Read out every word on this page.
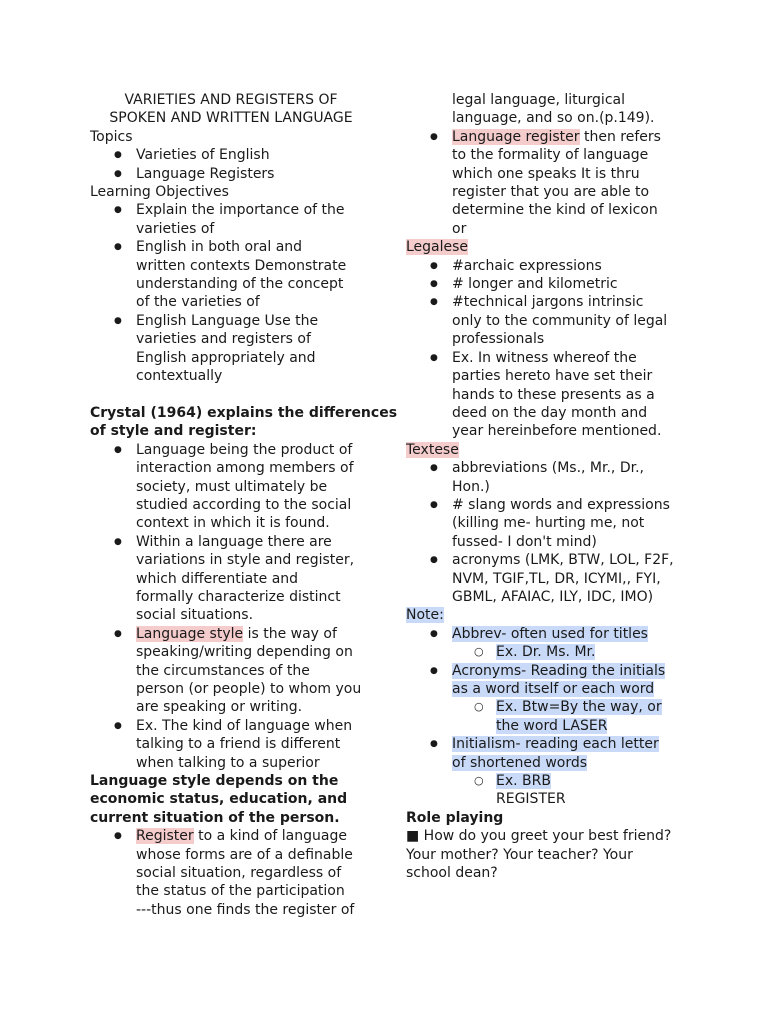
VARIETIES AND REGISTERS OF
SPOKEN AND WRITTEN LANGUAGE
Topics
● Varieties of English
● Language Registers
Learning Objectives
● Explain the importance of the
varieties of
● English in both oral and
written contexts Demonstrate
understanding of the concept
of the varieties of
● English Language Use the
varieties and registers of
English appropriately and
contextually
Crystal (1964) explains the differences
of style and register:
● Language being the product of
interaction among members of
society, must ultimately be
studied according to the social
context in which it is found.
● Within a language there are
variations in style and register,
which differentiate and
formally characterize distinct
social situations.
● Language style is the way of
speaking/writing depending on
the circumstances of the
person (or people) to whom you
are speaking or writing.
● Ex. The kind of language when
talking to a friend is different
when talking to a superior
Language style depends on the
economic status, education, and
current situation of the person.
● Register to a kind of language
whose forms are of a definable
social situation, regardless of
the status of the participation
---thus one finds the register of
legal language, liturgical
language, and so on.(p.149).
● Language register then refers
to the formality of language
which one speaks It is thru
register that you are able to
determine the kind of lexicon
or
Legalese
● #archaic expressions
● # longer and kilometric
● #technical jargons intrinsic
only to the community of legal
professionals
● Ex. In witness whereof the
parties hereto have set their
hands to these presents as a
deed on the day month and
year hereinbefore mentioned.
Textese
● abbreviations (Ms., Mr., Dr.,
Hon.)
● # slang words and expressions
(killing me- hurting me, not
fussed- I don't mind)
● acronyms (LMK, BTW, LOL, F2F,
NVM, TGIF,TL, DR, ICYMI,, FYI,
GBML, AFAIAC, ILY, IDC, IMO)
Note:
● Abbrev- often used for titles
○ Ex. Dr. Ms. Mr.
● Acronyms- Reading the initials
as a word itself or each word
○ Ex. Btw=By the way, or
the word LASER
● Initialism- reading each letter
of shortened words
○ Ex. BRB
REGISTER
Role playing
■ How do you greet your best friend?
Your mother? Your teacher? Your
school dean?
